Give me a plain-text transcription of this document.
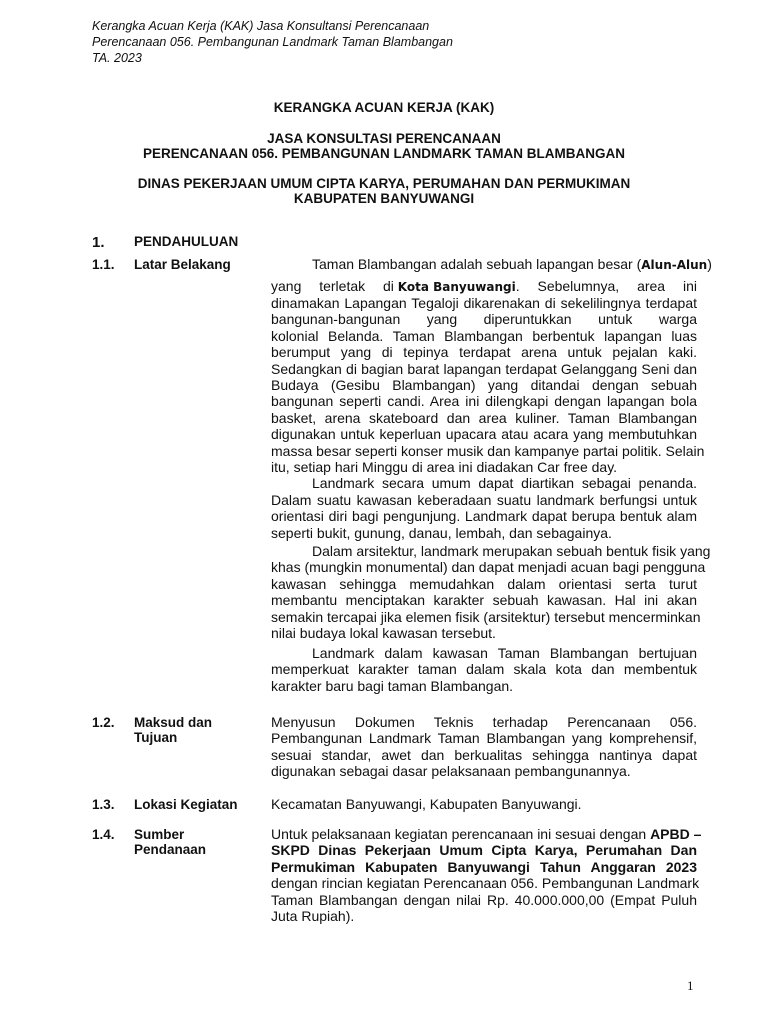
Kerangka Acuan Kerja (KAK) Jasa Konsultansi Perencanaan
Perencanaan 056. Pembangunan Landmark Taman Blambangan
TA. 2023
KERANGKA ACUAN KERJA (KAK)
JASA KONSULTASI PERENCANAAN
PERENCANAAN 056. PEMBANGUNAN LANDMARK TAMAN BLAMBANGAN
DINAS PEKERJAAN UMUM CIPTA KARYA, PERUMAHAN DAN PERMUKIMAN
KABUPATEN BANYUWANGI
1. PENDAHULUAN
1.1. Latar Belakang	Taman Blambangan adalah sebuah lapangan besar (Alun-Alun)
yang terletak di Kota Banyuwangi. Sebelumnya, area ini
dinamakan Lapangan Tegaloji dikarenakan di sekelilingnya terdapat
bangunan-bangunan yang diperuntukkan untuk warga
kolonial Belanda. Taman Blambangan berbentuk lapangan luas
berumput yang di tepinya terdapat arena untuk pejalan kaki.
Sedangkan di bagian barat lapangan terdapat Gelanggang Seni dan
Budaya (Gesibu Blambangan) yang ditandai dengan sebuah
bangunan seperti candi. Area ini dilengkapi dengan lapangan bola
basket, arena skateboard dan area kuliner. Taman Blambangan
digunakan untuk keperluan upacara atau acara yang membutuhkan
massa besar seperti konser musik dan kampanye partai politik. Selain
itu, setiap hari Minggu di area ini diadakan Car free day.
Landmark secara umum dapat diartikan sebagai penanda.
Dalam suatu kawasan keberadaan suatu landmark berfungsi untuk
orientasi diri bagi pengunjung. Landmark dapat berupa bentuk alam
seperti bukit, gunung, danau, lembah, dan sebagainya.
Dalam arsitektur, landmark merupakan sebuah bentuk fisik yang
khas (mungkin monumental) dan dapat menjadi acuan bagi pengguna
kawasan sehingga memudahkan dalam orientasi serta turut
membantu menciptakan karakter sebuah kawasan. Hal ini akan
semakin tercapai jika elemen fisik (arsitektur) tersebut mencerminkan
nilai budaya lokal kawasan tersebut.
Landmark dalam kawasan Taman Blambangan bertujuan
memperkuat karakter taman dalam skala kota dan membentuk
karakter baru bagi taman Blambangan.
1.2. Maksud dan
Tujuan
Menyusun Dokumen Teknis terhadap Perencanaan 056.
Pembangunan Landmark Taman Blambangan yang komprehensif,
sesuai standar, awet dan berkualitas sehingga nantinya dapat
digunakan sebagai dasar pelaksanaan pembangunannya.
1.3. Lokasi Kegiatan Kecamatan Banyuwangi, Kabupaten Banyuwangi.
1.4. Sumber
Pendanaan
Untuk pelaksanaan kegiatan perencanaan ini sesuai dengan APBD –
SKPD Dinas Pekerjaan Umum Cipta Karya, Perumahan Dan
Permukiman Kabupaten Banyuwangi Tahun Anggaran 2023
dengan rincian kegiatan Perencanaan 056. Pembangunan Landmark
Taman Blambangan dengan nilai Rp. 40.000.000,00 (Empat Puluh
Juta Rupiah).
1
